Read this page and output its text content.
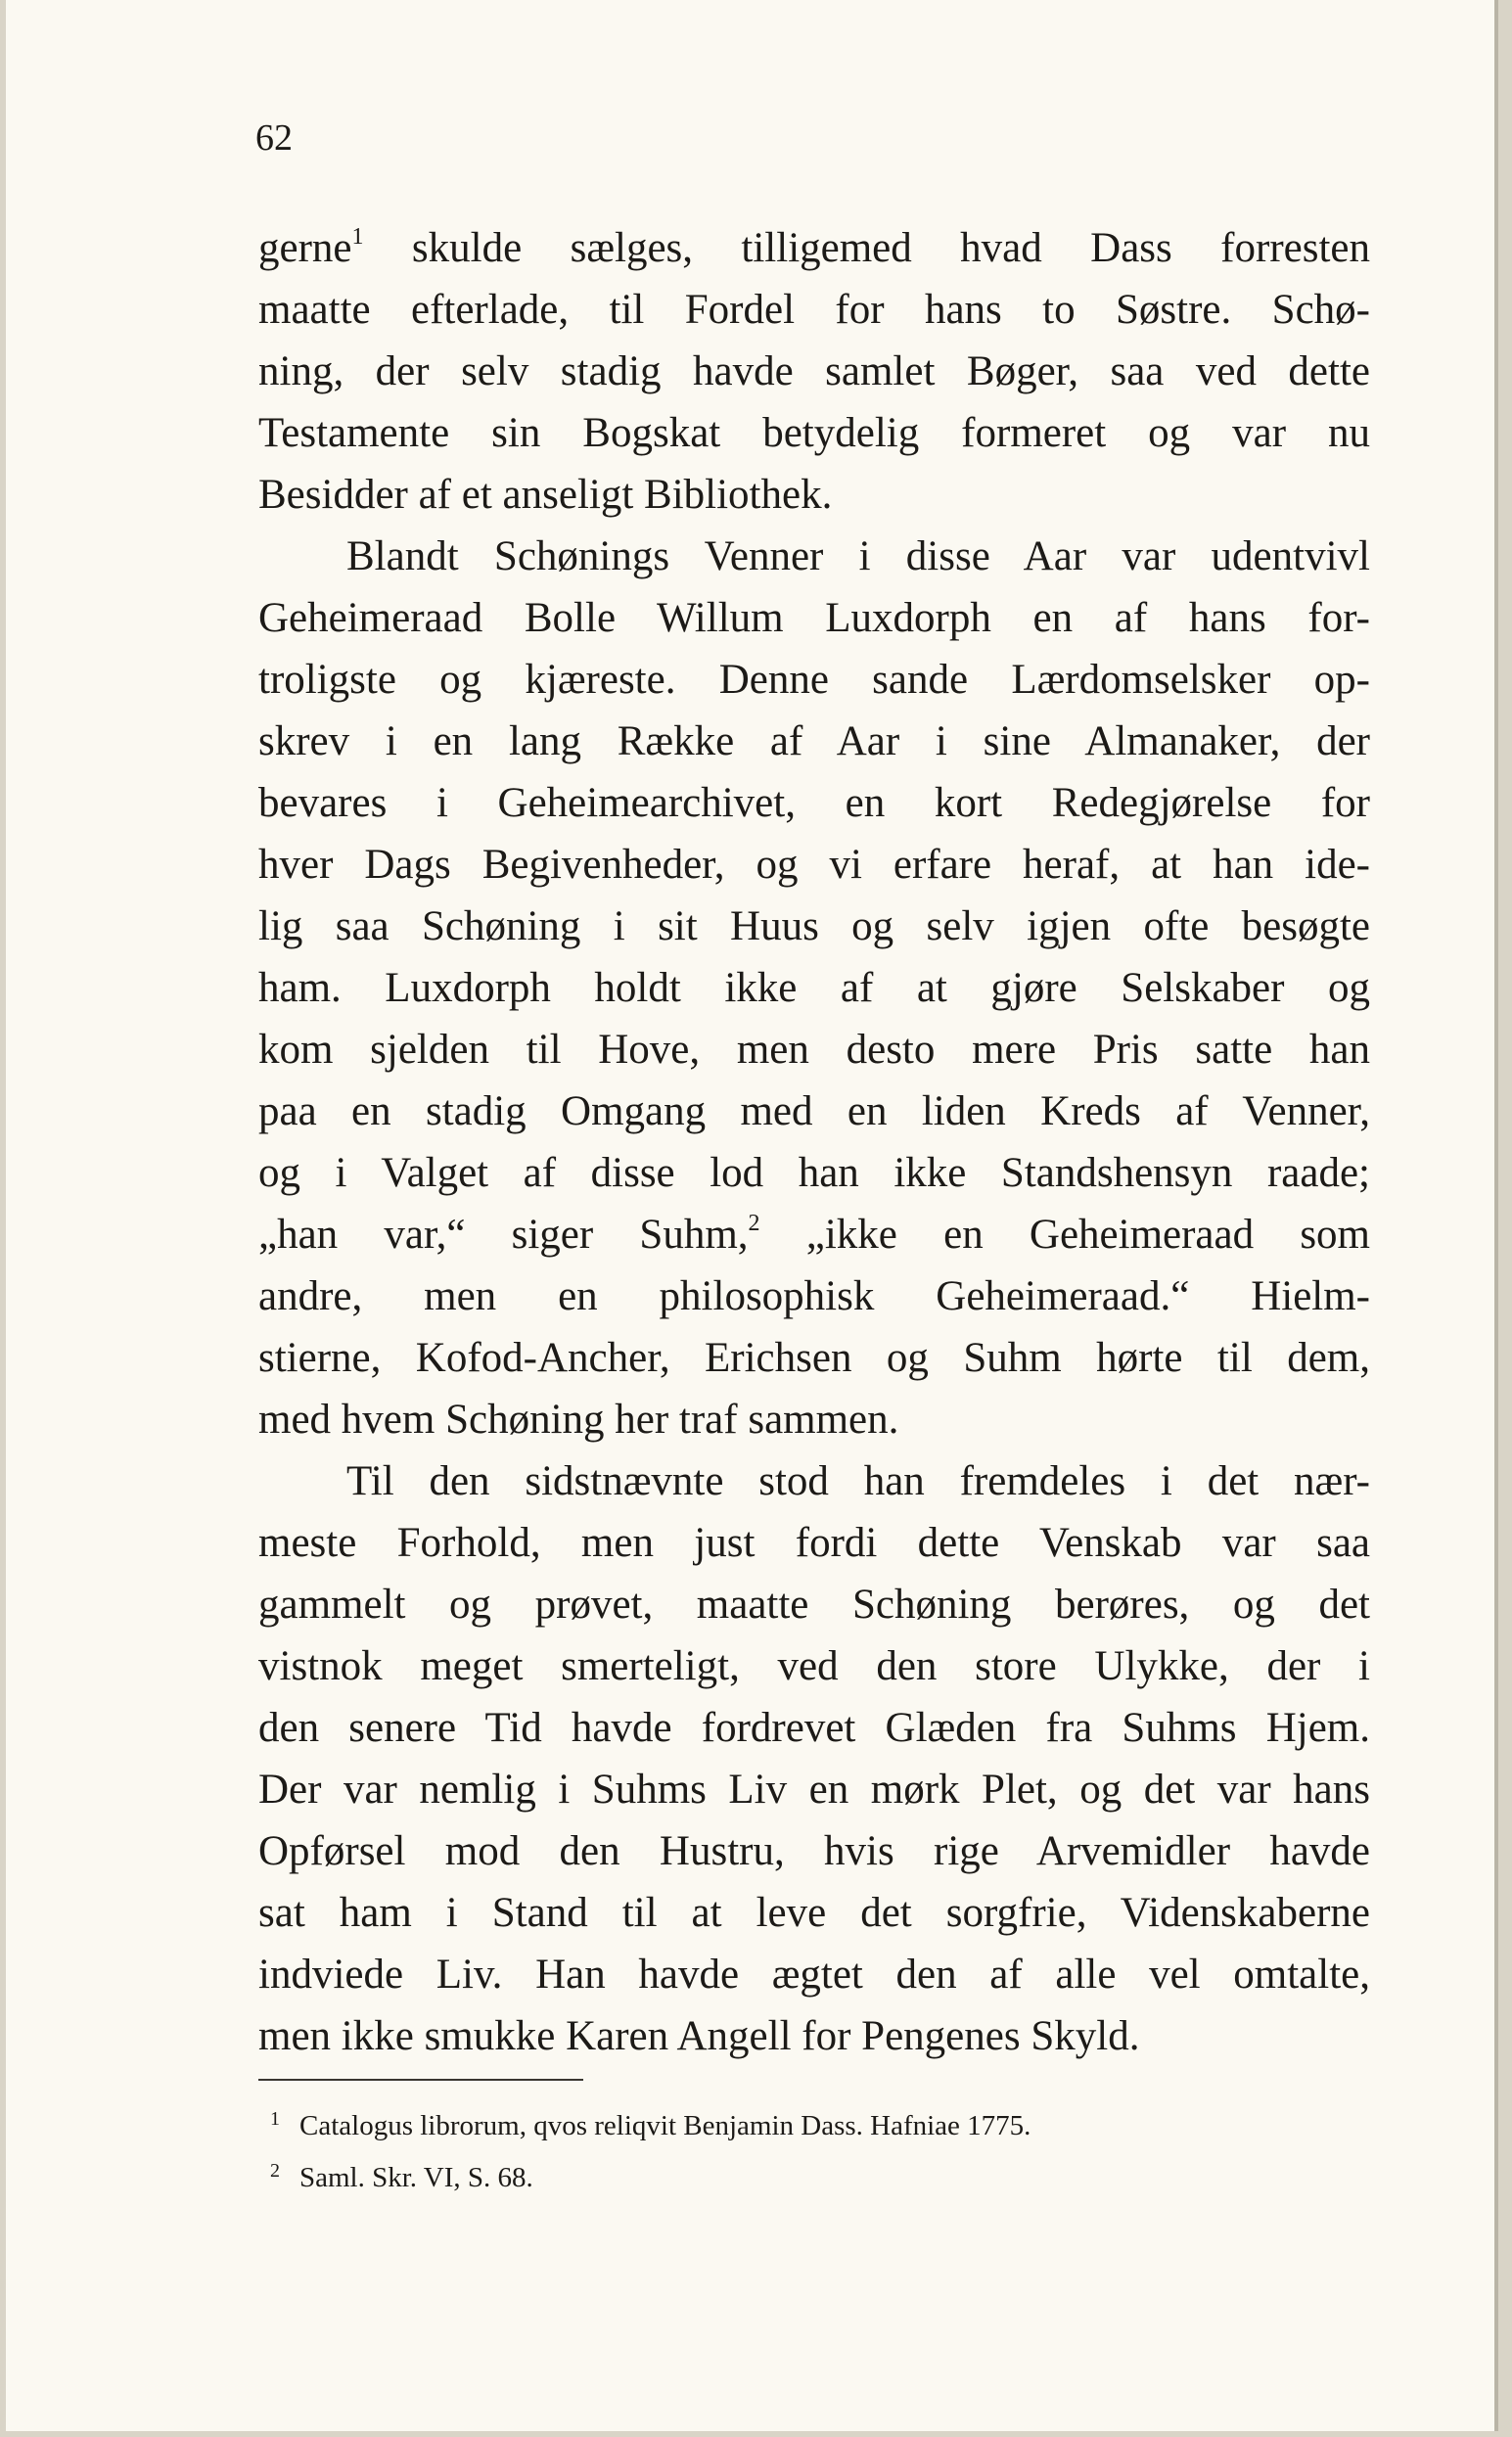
62
gerne$^1$ skulde sælges, tilligemed hvad Dass forresten
maatte efterlade, til Fordel for hans to Søstre. Schø-
ning, der selv stadig havde samlet Bøger, saa ved dette
Testamente sin Bogskat betydelig formeret og var nu
Besidder af et anseligt Bibliothek.
Blandt Schønings Venner i disse Aar var udentvivl
Geheimeraad Bolle Willum Luxdorph en af hans for-
troligste og kjæreste. Denne sande Lærdomselsker op-
skrev i en lang Række af Aar i sine Almanaker, der
bevares i Geheimearchivet, en kort Redegjørelse for
hver Dags Begivenheder, og vi erfare heraf, at han ide-
lig saa Schøning i sit Huus og selv igjen ofte besøgte
ham. Luxdorph holdt ikke af at gjøre Selskaber og
kom sjelden til Hove, men desto mere Pris satte han
paa en stadig Omgang med en liden Kreds af Venner,
og i Valget af disse lod han ikke Standshensyn raade;
„han var,“ siger Suhm,$^2$ „ikke en Geheimeraad som
andre, men en philosophisk Geheimeraad.“ Hielm-
stierne, Kofod-Ancher, Erichsen og Suhm hørte til dem,
med hvem Schøning her traf sammen.
Til den sidstnævnte stod han fremdeles i det nær-
meste Forhold, men just fordi dette Venskab var saa
gammelt og prøvet, maatte Schøning berøres, og det
vistnok meget smerteligt, ved den store Ulykke, der i
den senere Tid havde fordrevet Glæden fra Suhms Hjem.
Der var nemlig i Suhms Liv en mørk Plet, og det var hans
Opførsel mod den Hustru, hvis rige Arvemidler havde
sat ham i Stand til at leve det sorgfrie, Videnskaberne
indviede Liv. Han havde ægtet den af alle vel omtalte,
men ikke smukke Karen Angell for Pengenes Skyld.
1 Catalogus librorum, qvos reliqvit Benjamin Dass. Hafniae 1775.
2 Saml. Skr. VI, S. 68.
